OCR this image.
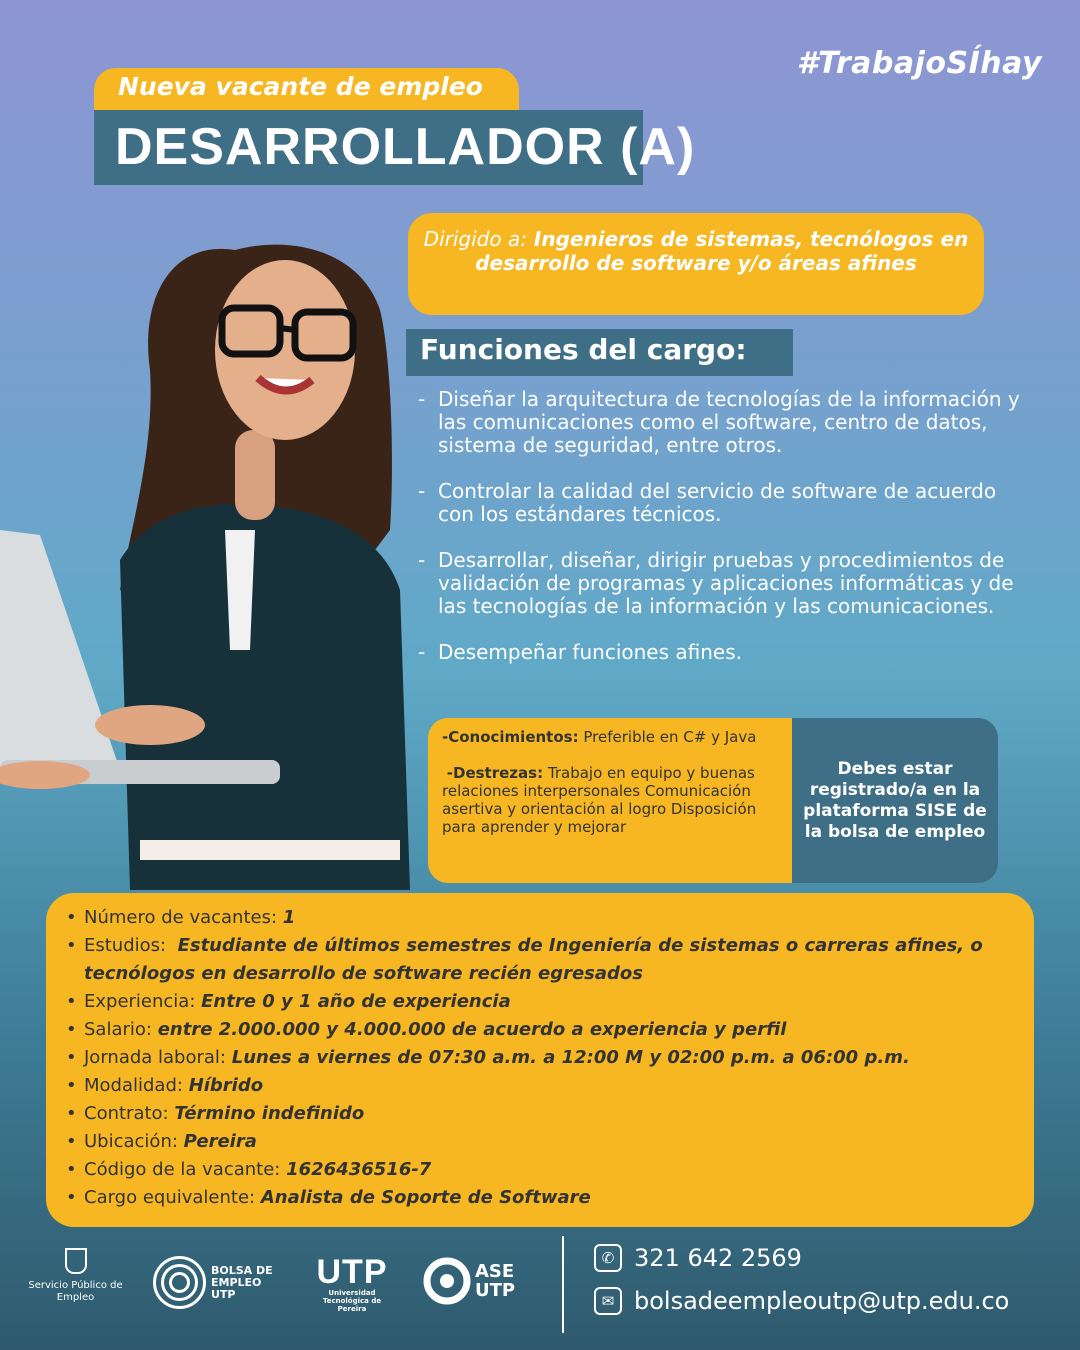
#TrabajoSÍhay
Nueva vacante de empleo
DESARROLLADOR (A)
Dirigido a: Ingenieros de sistemas, tecnólogos en desarrollo de software y/o áreas afines
Funciones del cargo:
- Diseñar la arquitectura de tecnologías de la información y las comunicaciones como el software, centro de datos, sistema de seguridad, entre otros.
- Controlar la calidad del servicio de software de acuerdo con los estándares técnicos.
- Desarrollar, diseñar, dirigir pruebas y procedimientos de validación de programas y aplicaciones informáticas y de las tecnologías de la información y las comunicaciones.
- Desempeñar funciones afines.
-Conocimientos: Preferible en C# y Java
-Destrezas: Trabajo en equipo y buenas relaciones interpersonales Comunicación asertiva y orientación al logro Disposición para aprender y mejorar
Debes estar registrado/a en la plataforma SISE de la bolsa de empleo
• Número de vacantes: 1
• Estudios: Estudiante de últimos semestres de Ingeniería de sistemas o carreras afines, o tecnólogos en desarrollo de software recién egresados
• Experiencia: Entre 0 y 1 año de experiencia
• Salario: entre 2.000.000 y 4.000.000 de acuerdo a experiencia y perfil
• Jornada laboral: Lunes a viernes de 07:30 a.m. a 12:00 M y 02:00 p.m. a 06:00 p.m.
• Modalidad: Híbrido
• Contrato: Término indefinido
• Ubicación: Pereira
• Código de la vacante: 1626436516-7
• Cargo equivalente: Analista de Soporte de Software
Servicio Público de Empleo
BOLSA DE EMPLEO UTP
UTP
Universidad Tecnológica de Pereira
ASE UTP
✆ 321 642 2569
✉ bolsadeempleoutp@utp.edu.co
